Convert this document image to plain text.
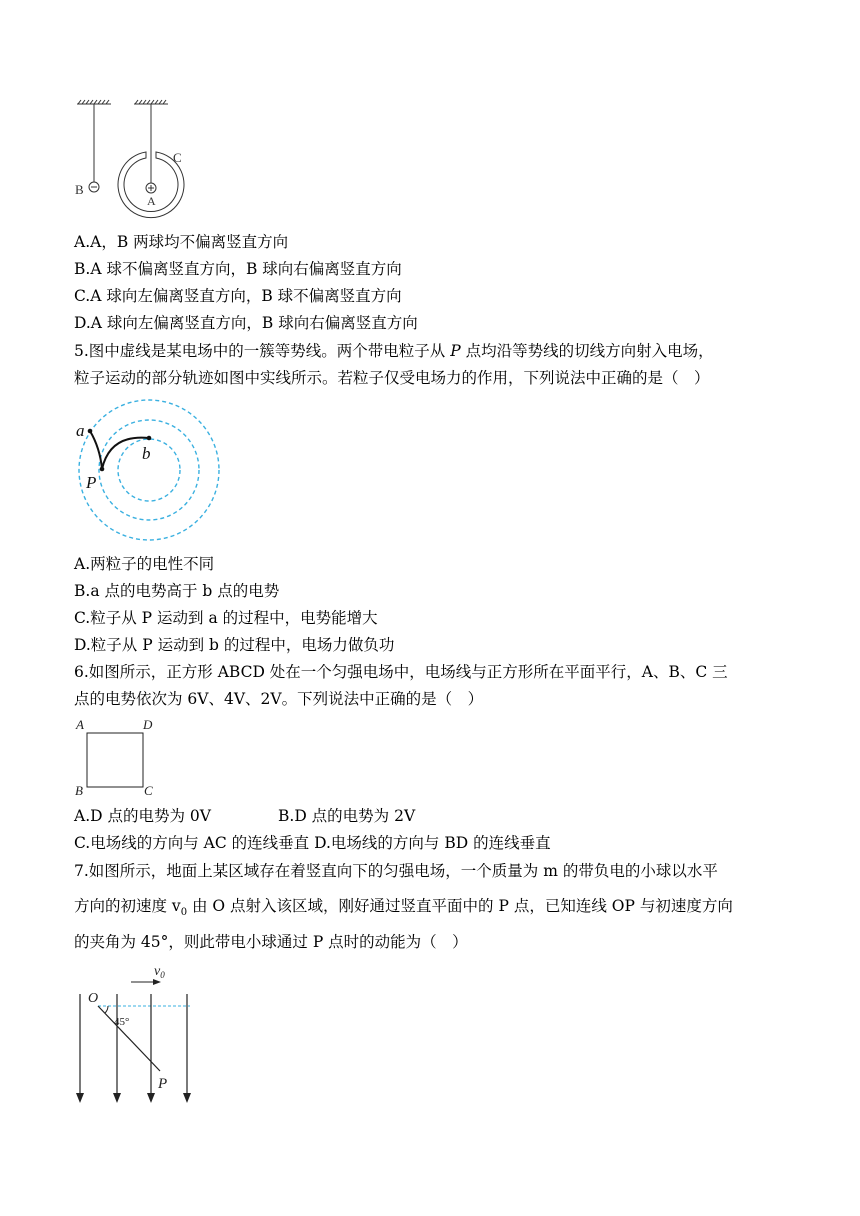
B
C
A
A.A，B 两球均不偏离竖直方向
B.A 球不偏离竖直方向，B 球向右偏离竖直方向
C.A 球向左偏离竖直方向，B 球不偏离竖直方向
D.A 球向左偏离竖直方向，B 球向右偏离竖直方向
5.图中虚线是某电场中的一簇等势线。两个带电粒子从 P 点均沿等势线的切线方向射入电场，
粒子运动的部分轨迹如图中实线所示。若粒子仅受电场力的作用，下列说法中正确的是（　）
a
b
P
A.两粒子的电性不同
B.a 点的电势高于 b 点的电势
C.粒子从 P 运动到 a 的过程中，电势能增大
D.粒子从 P 运动到 b 的过程中，电场力做负功
6.如图所示，正方形 ABCD 处在一个匀强电场中，电场线与正方形所在平面平行，A、B、C 三
点的电势依次为 6V、4V、2V。下列说法中正确的是（　）
A	D
B	C
A.D 点的电势为 0V	B.D 点的电势为 2V
C.电场线的方向与 AC 的连线垂直 D.电场线的方向与 BD 的连线垂直
7.如图所示，地面上某区域存在着竖直向下的匀强电场，一个质量为 m 的带负电的小球以水平
方向的初速度 $v_0$ 由 O 点射入该区域，刚好通过竖直平面中的 P 点，已知连线 OP 与初速度方向
的夹角为 45°，则此带电小球通过 P 点时的动能为（　）
$v_0$
O
45°
P
